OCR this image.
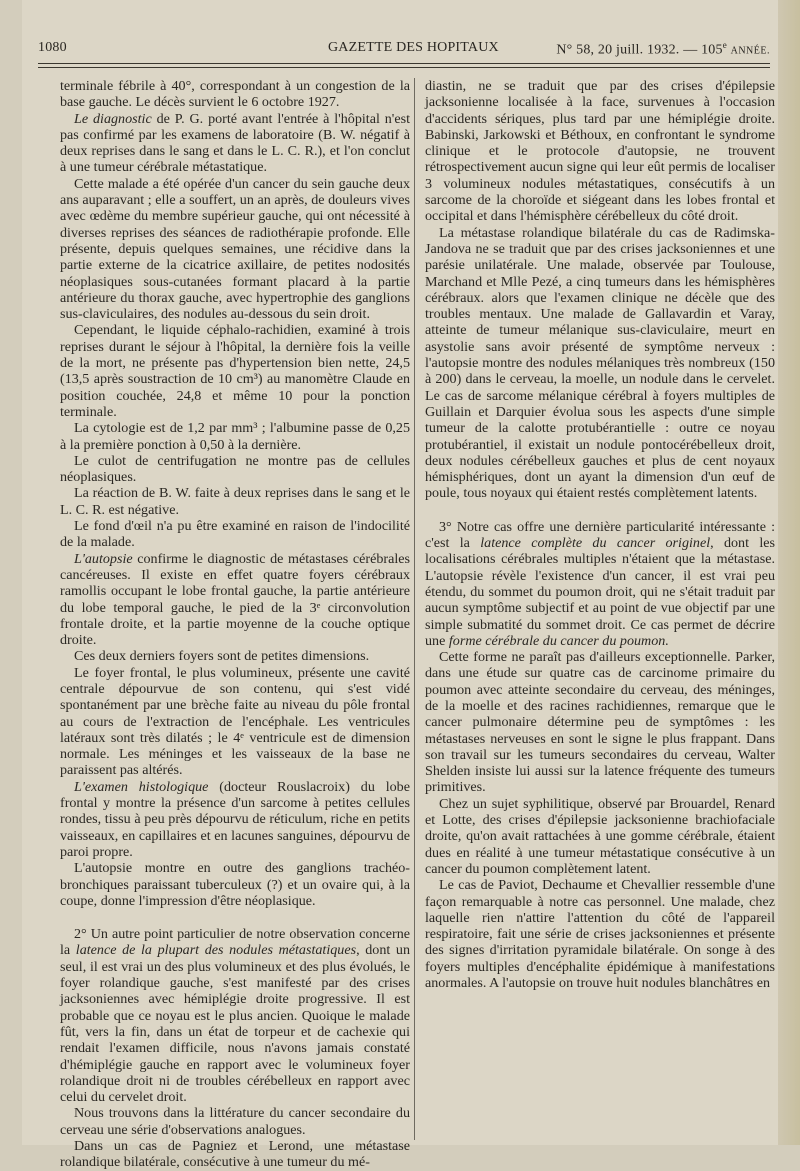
1080	GAZETTE DES HOPITAUX	N° 58, 20 juill. 1932. — 105e ANNÉE.

terminale fébrile à 40°, correspondant à un congestion de la base gauche. Le décès survient le 6 octobre 1927.

Le diagnostic de P. G. porté avant l'entrée à l'hôpital n'est pas confirmé par les examens de laboratoire (B. W. négatif à deux reprises dans le sang et dans le L. C. R.), et l'on conclut à une tumeur cérébrale métastatique.

Cette malade a été opérée d'un cancer du sein gauche deux ans auparavant ; elle a souffert, un an après, de douleurs vives avec œdème du membre supérieur gauche, qui ont nécessité à diverses reprises des séances de radiothérapie profonde. Elle présente, depuis quelques semaines, une récidive dans la partie externe de la cicatrice axillaire, de petites nodosités néoplasiques sous-cutanées formant placard à la partie antérieure du thorax gauche, avec hypertrophie des ganglions sus-claviculaires, des nodules au-dessous du sein droit.

Cependant, le liquide céphalo-rachidien, examiné à trois reprises durant le séjour à l'hôpital, la dernière fois la veille de la mort, ne présente pas d'hypertension bien nette, 24,5 (13,5 après soustraction de 10 cm³) au manomètre Claude en position couchée, 24,8 et même 10 pour la ponction terminale.

La cytologie est de 1,2 par mm³ ; l'albumine passe de 0,25 à la première ponction à 0,50 à la dernière.

Le culot de centrifugation ne montre pas de cellules néoplasiques.

La réaction de B. W. faite à deux reprises dans le sang et le L. C. R. est négative.

Le fond d'œil n'a pu être examiné en raison de l'indocilité de la malade.

L'autopsie confirme le diagnostic de métastases cérébrales cancéreuses. Il existe en effet quatre foyers cérébraux ramollis occupant le lobe frontal gauche, la partie antérieure du lobe temporal gauche, le pied de la 3ᵉ circonvolution frontale droite, et la partie moyenne de la couche optique droite.

Ces deux derniers foyers sont de petites dimensions.

Le foyer frontal, le plus volumineux, présente une cavité centrale dépourvue de son contenu, qui s'est vidé spontanément par une brèche faite au niveau du pôle frontal au cours de l'extraction de l'encéphale. Les ventricules latéraux sont très dilatés ; le 4ᵉ ventricule est de dimension normale. Les méninges et les vaisseaux de la base ne paraissent pas altérés.

L'examen histologique (docteur Rouslacroix) du lobe frontal y montre la présence d'un sarcome à petites cellules rondes, tissu à peu près dépourvu de réticulum, riche en petits vaisseaux, en capillaires et en lacunes sanguines, dépourvu de paroi propre.

L'autopsie montre en outre des ganglions trachéo-bronchiques paraissant tuberculeux (?) et un ovaire qui, à la coupe, donne l'impression d'être néoplasique.

2° Un autre point particulier de notre observation concerne la latence de la plupart des nodules métastatiques, dont un seul, il est vrai un des plus volumineux et des plus évolués, le foyer rolandique gauche, s'est manifesté par des crises jacksoniennes avec hémiplégie droite progressive. Il est probable que ce noyau est le plus ancien. Quoique le malade fût, vers la fin, dans un état de torpeur et de cachexie qui rendait l'examen difficile, nous n'avons jamais constaté d'hémiplégie gauche en rapport avec le volumineux foyer rolandique droit ni de troubles cérébelleux en rapport avec celui du cervelet droit.

Nous trouvons dans la littérature du cancer secondaire du cerveau une série d'observations analogues.

Dans un cas de Pagniez et Lerond, une métastase rolandique bilatérale, consécutive à une tumeur du mé-

diastin, ne se traduit que par des crises d'épilepsie jacksonienne localisée à la face, survenues à l'occasion d'accidents sériques, plus tard par une hémiplégie droite. Babinski, Jarkowski et Béthoux, en confrontant le syndrome clinique et le protocole d'autopsie, ne trouvent rétrospectivement aucun signe qui leur eût permis de localiser 3 volumineux nodules métastatiques, consécutifs à un sarcome de la choroïde et siégeant dans les lobes frontal et occipital et dans l'hémisphère cérébelleux du côté droit.

La métastase rolandique bilatérale du cas de Radimska-Jandova ne se traduit que par des crises jacksoniennes et une parésie unilatérale. Une malade, observée par Toulouse, Marchand et Mlle Pezé, a cinq tumeurs dans les hémisphères cérébraux. alors que l'examen clinique ne décèle que des troubles mentaux. Une malade de Gallavardin et Varay, atteinte de tumeur mélanique sus-claviculaire, meurt en asystolie sans avoir présenté de symptôme nerveux : l'autopsie montre des nodules mélaniques très nombreux (150 à 200) dans le cerveau, la moelle, un nodule dans le cervelet. Le cas de sarcome mélanique cérébral à foyers multiples de Guillain et Darquier évolua sous les aspects d'une simple tumeur de la calotte protubérantielle : outre ce noyau protubérantiel, il existait un nodule pontocérébelleux droit, deux nodules cérébelleux gauches et plus de cent noyaux hémisphériques, dont un ayant la dimension d'un œuf de poule, tous noyaux qui étaient restés complètement latents.

3° Notre cas offre une dernière particularité intéressante : c'est la latence complète du cancer originel, dont les localisations cérébrales multiples n'étaient que la métastase. L'autopsie révèle l'existence d'un cancer, il est vrai peu étendu, du sommet du poumon droit, qui ne s'était traduit par aucun symptôme subjectif et au point de vue objectif par une simple submatité du sommet droit. Ce cas permet de décrire une forme cérébrale du cancer du poumon.

Cette forme ne paraît pas d'ailleurs exceptionnelle. Parker, dans une étude sur quatre cas de carcinome primaire du poumon avec atteinte secondaire du cerveau, des méninges, de la moelle et des racines rachidiennes, remarque que le cancer pulmonaire détermine peu de symptômes : les métastases nerveuses en sont le signe le plus frappant. Dans son travail sur les tumeurs secondaires du cerveau, Walter Shelden insiste lui aussi sur la latence fréquente des tumeurs primitives.

Chez un sujet syphilitique, observé par Brouardel, Renard et Lotte, des crises d'épilepsie jacksonienne brachiofaciale droite, qu'on avait rattachées à une gomme cérébrale, étaient dues en réalité à une tumeur métastatique consécutive à un cancer du poumon complètement latent.

Le cas de Paviot, Dechaume et Chevallier ressemble d'une façon remarquable à notre cas personnel. Une malade, chez laquelle rien n'attire l'attention du côté de l'appareil respiratoire, fait une série de crises jacksoniennes et présente des signes d'irritation pyramidale bilatérale. On songe à des foyers multiples d'encéphalite épidémique à manifestations anormales. A l'autopsie on trouve huit nodules blanchâtres en
